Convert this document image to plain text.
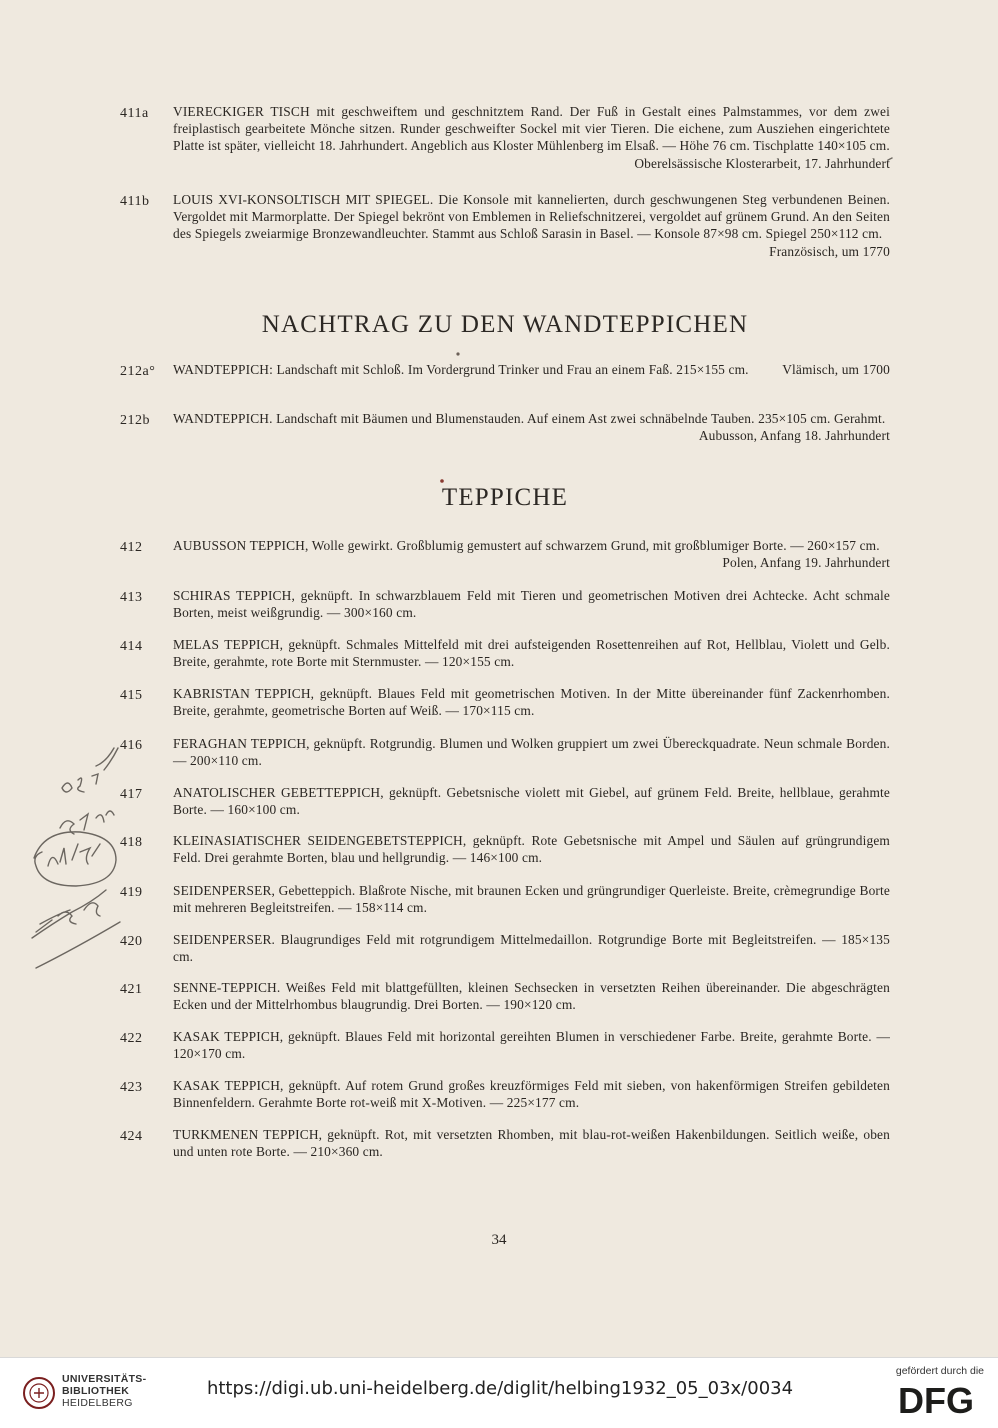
411a	VIERECKIGER TISCH mit geschweiftem und geschnitztem Rand. Der Fuß in Gestalt eines Palmstammes, vor dem zwei freiplastisch gearbeitete Mönche sitzen. Runder geschweifter Sockel mit vier Tieren. Die eichene, zum Ausziehen eingerichtete Platte ist später, vielleicht 18. Jahrhundert. Angeblich aus Kloster Mühlenberg im Elsaß. — Höhe 76 cm. Tischplatte 140×105 cm.
Oberelsässische Klosterarbeit, 17. Jahrhundert
411b	LOUIS XVI-KONSOLTISCH MIT SPIEGEL. Die Konsole mit kannelierten, durch geschwungenen Steg verbundenen Beinen. Vergoldet mit Marmorplatte. Der Spiegel bekrönt von Emblemen in Reliefschnitzerei, vergoldet auf grünem Grund. An den Seiten des Spiegels zweiarmige Bronzewandleuchter. Stammt aus Schloß Sarasin in Basel. — Konsole 87×98 cm. Spiegel 250×112 cm.
Französisch, um 1770
NACHTRAG ZU DEN WANDTEPPICHEN
212a°	WANDTEPPICH: Landschaft mit Schloß. Im Vordergrund Trinker und Frau an einem Faß. 215×155 cm.	Vlämisch, um 1700
212b	WANDTEPPICH. Landschaft mit Bäumen und Blumenstauden. Auf einem Ast zwei schnäbelnde Tauben. 235×105 cm. Gerahmt.
Aubusson, Anfang 18. Jahrhundert
TEPPICHE
412	AUBUSSON TEPPICH, Wolle gewirkt. Großblumig gemustert auf schwarzem Grund, mit großblumiger Borte. — 260×157 cm.
Polen, Anfang 19. Jahrhundert
413	SCHIRAS TEPPICH, geknüpft. In schwarzblauem Feld mit Tieren und geometrischen Motiven drei Achtecke. Acht schmale Borten, meist weißgrundig. — 300×160 cm.
414	MELAS TEPPICH, geknüpft. Schmales Mittelfeld mit drei aufsteigenden Rosettenreihen auf Rot, Hellblau, Violett und Gelb. Breite, gerahmte, rote Borte mit Sternmuster. — 120×155 cm.
415	KABRISTAN TEPPICH, geknüpft. Blaues Feld mit geometrischen Motiven. In der Mitte übereinander fünf Zackenrhomben. Breite, gerahmte, geometrische Borten auf Weiß. — 170×115 cm.
416	FERAGHAN TEPPICH, geknüpft. Rotgrundig. Blumen und Wolken gruppiert um zwei Übereckquadrate. Neun schmale Borden. — 200×110 cm.
417	ANATOLISCHER GEBETTEPPICH, geknüpft. Gebetsnische violett mit Giebel, auf grünem Feld. Breite, hellblaue, gerahmte Borte. — 160×100 cm.
418	KLEINASIATISCHER SEIDENGEBETSTEPPICH, geknüpft. Rote Gebetsnische mit Ampel und Säulen auf grüngrundigem Feld. Drei gerahmte Borten, blau und hellgrundig. — 146×100 cm.
419	SEIDENPERSER, Gebetteppich. Blaßrote Nische, mit braunen Ecken und grüngrundiger Querleiste. Breite, crèmegrundige Borte mit mehreren Begleitstreifen. — 158×114 cm.
420	SEIDENPERSER. Blaugrundiges Feld mit rotgrundigem Mittelmedaillon. Rotgrundige Borte mit Begleitstreifen. — 185×135 cm.
421	SENNE-TEPPICH. Weißes Feld mit blattgefüllten, kleinen Sechsecken in versetzten Reihen übereinander. Die abgeschrägten Ecken und der Mittelrhombus blaugrundig. Drei Borten. — 190×120 cm.
422	KASAK TEPPICH, geknüpft. Blaues Feld mit horizontal gereihten Blumen in verschiedener Farbe. Breite, gerahmte Borte. — 120×170 cm.
423	KASAK TEPPICH, geknüpft. Auf rotem Grund großes kreuzförmiges Feld mit sieben, von hakenförmigen Streifen gebildeten Binnenfeldern. Gerahmte Borte rot-weiß mit X-Motiven. — 225×177 cm.
424	TURKMENEN TEPPICH, geknüpft. Rot, mit versetzten Rhomben, mit blau-rot-weißen Hakenbildungen. Seitlich weiße, oben und unten rote Borte. — 210×360 cm.
34
UNIVERSITÄTS-
BIBLIOTHEK
HEIDELBERG
https://digi.ub.uni-heidelberg.de/diglit/helbing1932_05_03x/0034
gefördert durch die
DFG
